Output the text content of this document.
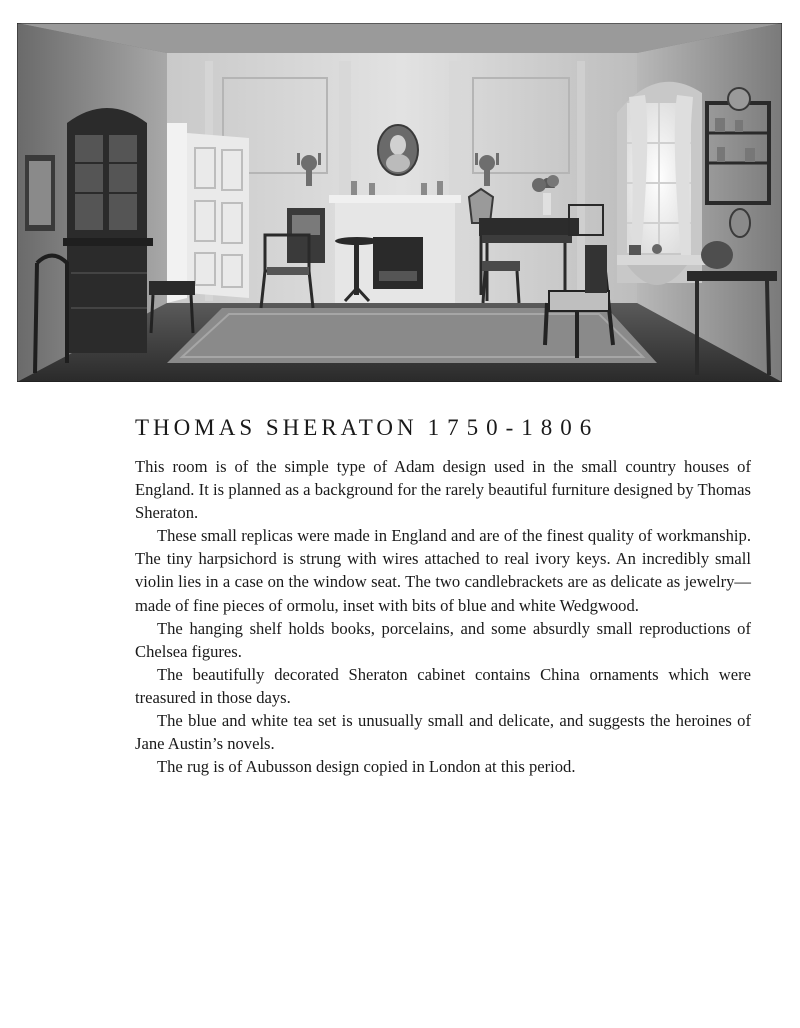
THOMAS SHERATON 1750-1806

This room is of the simple type of Adam design used in the small country houses of England. It is planned as a background for the rarely beautiful furniture designed by Thomas Sheraton.

These small replicas were made in England and are of the finest quality of workmanship. The tiny harpsichord is strung with wires attached to real ivory keys. An incredibly small violin lies in a case on the window seat. The two candlebrackets are as delicate as jewelry—made of fine pieces of ormolu, inset with bits of blue and white Wedgwood.

The hanging shelf holds books, porcelains, and some absurdly small reproductions of Chelsea figures.

The beautifully decorated Sheraton cabinet contains China ornaments which were treasured in those days.

The blue and white tea set is unusually small and delicate, and suggests the heroines of Jane Austin’s novels.

The rug is of Aubusson design copied in London at this period.
